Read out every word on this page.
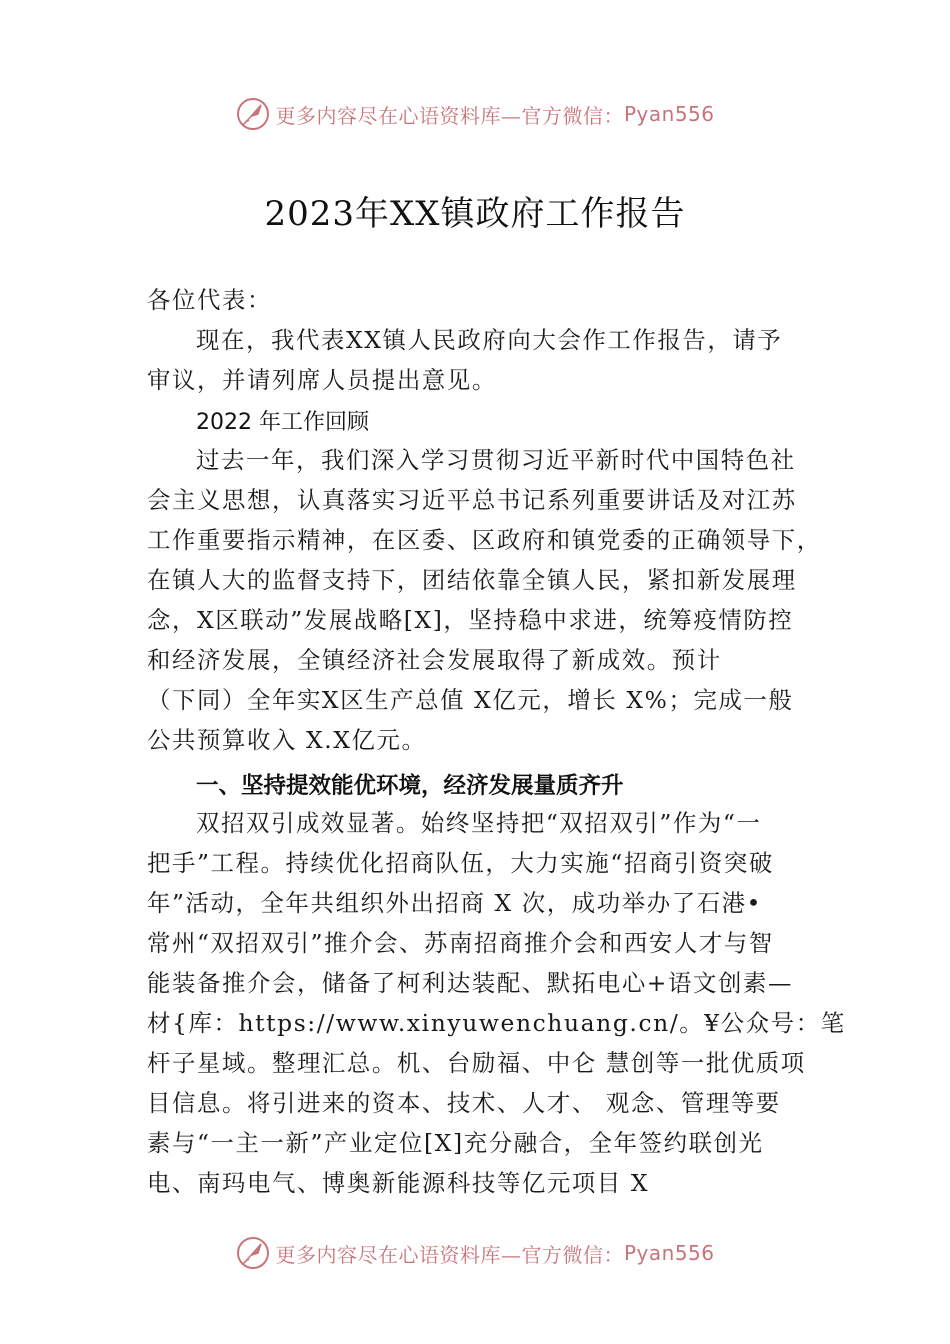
更多内容尽在心语资料库—官方微信： Pyan556
2023年XX镇政府工作报告
各位代表：
现在，我代表XX镇人民政府向大会作工作报告，请予
审议，并请列席人员提出意见。
2022 年工作回顾
过去一年，我们深入学习贯彻习近平新时代中国特色社
会主义思想，认真落实习近平总书记系列重要讲话及对江苏
工作重要指示精神，在区委、区政府和镇党委的正确领导下，
在镇人大的监督支持下，团结依靠全镇人民，紧扣新发展理
念，X区联动”发展战略[X]，坚持稳中求进，统筹疫情防控
和经济发展，全镇经济社会发展取得了新成效。预计
（下同）全年实X区生产总值 X亿元，增长 X%；完成一般
公共预算收入 X.X亿元。
一、坚持提效能优环境，经济发展量质齐升
双招双引成效显著。始终坚持把“双招双引”作为“一
把手”工程。持续优化招商队伍，大力实施“招商引资突破
年”活动，全年共组织外出招商 X 次，成功举办了石港•
常州“双招双引”推介会、苏南招商推介会和西安人才与智
能装备推介会，储备了柯利达装配、默拓电心+语文创素—
材{库：https://www.xinyuwenchuang.cn/。¥公众号：笔
杆子星域。整理汇总。机、台励福、中仑 慧创等一批优质项
目信息。将引进来的资本、技术、人才、 观念、管理等要
素与“一主一新”产业定位[X]充分融合，全年签约联创光
电、南玛电气、博奥新能源科技等亿元项目 X
更多内容尽在心语资料库—官方微信： Pyan556
